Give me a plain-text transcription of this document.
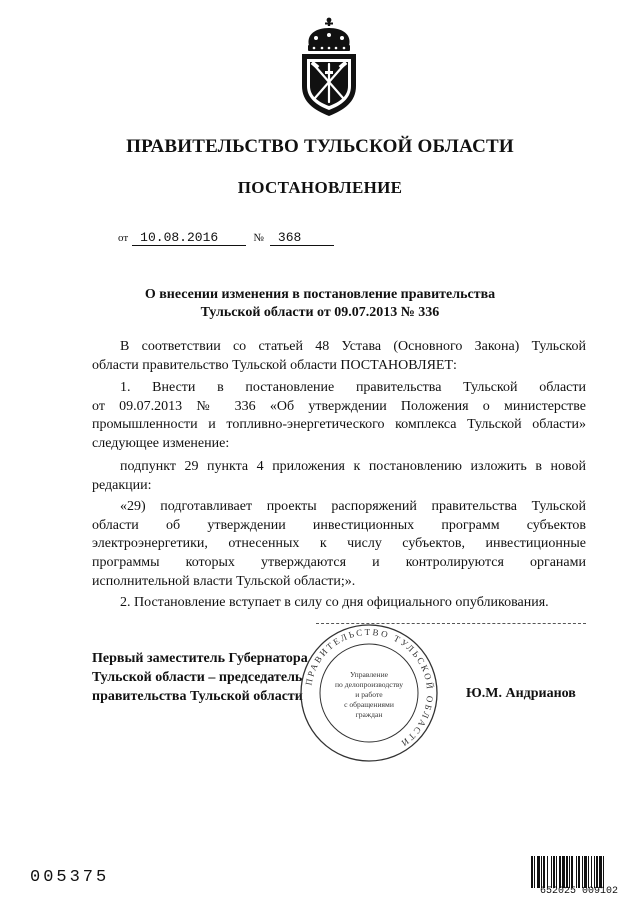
ПРАВИТЕЛЬСТВО ТУЛЬСКОЙ ОБЛАСТИ
ПОСТАНОВЛЕНИЕ
от 10.08.2016	№ 368
О внесении изменения в постановление правительства
Тульской области от 09.07.2013 № 336
В соответствии со статьей 48 Устава (Основного Закона) Тульской
области правительство Тульской области ПОСТАНОВЛЯЕТ:
1. Внести в постановление правительства Тульской области
от 09.07.2013 № 336 «Об утверждении Положения о министерстве
промышленности и топливно-энергетического комплекса Тульской области»
следующее изменение:
подпункт 29 пункта 4 приложения к постановлению изложить в новой
редакции:
«29) подготавливает проекты распоряжений правительства Тульской
области об утверждении инвестиционных программ субъектов
электроэнергетики, отнесенных к числу субъектов, инвестиционные
программы которых утверждаются и контролируются органами
исполнительной власти Тульской области;».
2. Постановление вступает в силу со дня официального опубликования.
Первый заместитель Губернатора
Тульской области – председатель
правительства Тульской области	Ю.М. Андрианов
ПРАВИТЕЛЬСТВО ТУЛЬСКОЙ ОБЛАСТИ
Управление
по делопроизводству
и работе
с обращениями
граждан
005375
652025 009102
